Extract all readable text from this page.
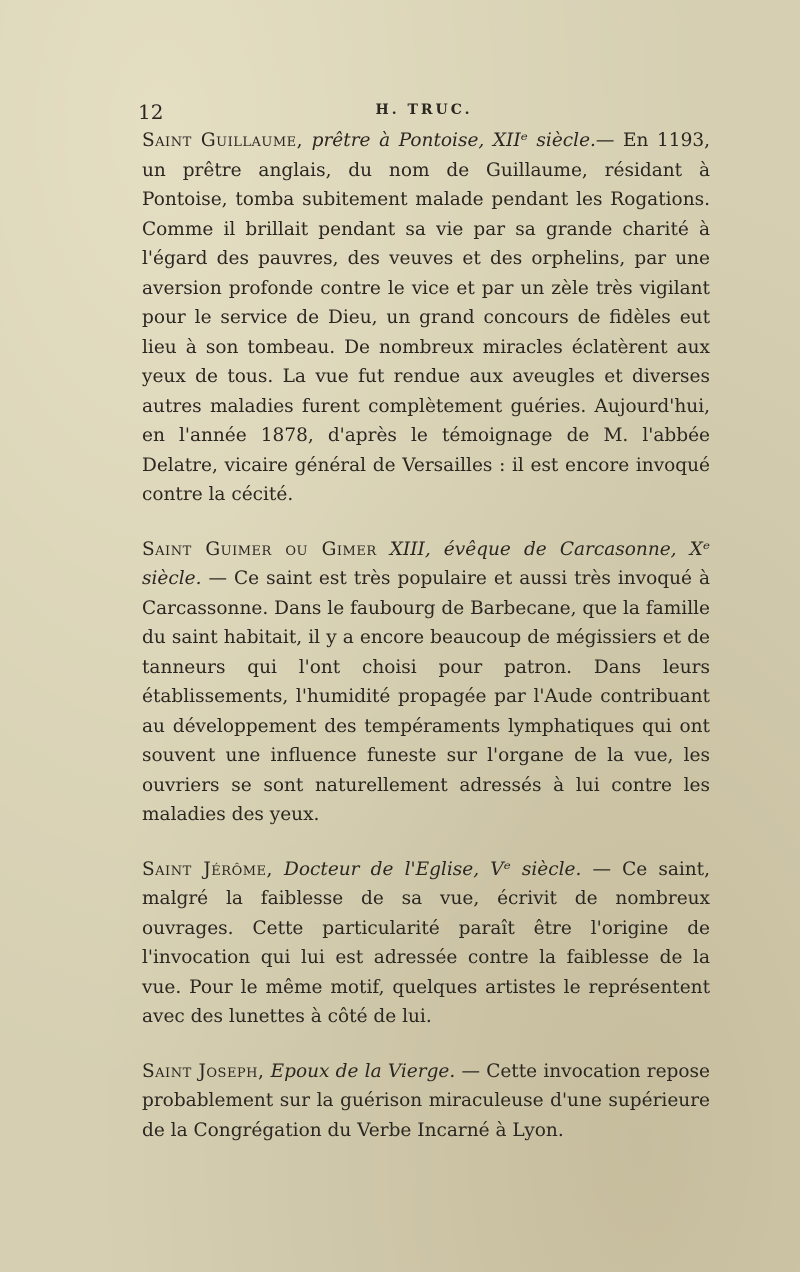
12	H. TRUC.

Saint Guillaume, prêtre à Pontoise, XIIᵉ siècle.— En 1193, un prêtre anglais, du nom de Guillaume, résidant à Pontoise, tomba subitement malade pendant les Rogations. Comme il brillait pendant sa vie par sa grande charité à l'égard des pauvres, des veuves et des orphelins, par une aversion profonde contre le vice et par un zèle très vigilant pour le service de Dieu, un grand concours de fidèles eut lieu à son tombeau. De nombreux miracles éclatèrent aux yeux de tous. La vue fut rendue aux aveugles et diverses autres maladies furent complètement guéries. Aujourd'hui, en l'année 1878, d'après le témoignage de M. l'abbée Delatre, vicaire général de Versailles : il est encore invoqué contre la cécité.

Saint Guimer ou Gimer XIII, évêque de Carcasonne, Xᵉ siècle. — Ce saint est très populaire et aussi très invoqué à Carcassonne. Dans le faubourg de Barbecane, que la famille du saint habitait, il y a encore beaucoup de mégissiers et de tanneurs qui l'ont choisi pour patron. Dans leurs établissements, l'humidité propagée par l'Aude contribuant au développement des tempéraments lymphatiques qui ont souvent une influence funeste sur l'organe de la vue, les ouvriers se sont naturellement adressés à lui contre les maladies des yeux.

Saint Jérôme, Docteur de l'Eglise, Vᵉ siècle. — Ce saint, malgré la faiblesse de sa vue, écrivit de nombreux ouvrages. Cette particularité paraît être l'origine de l'invocation qui lui est adressée contre la faiblesse de la vue. Pour le même motif, quelques artistes le représentent avec des lunettes à côté de lui.

Saint Joseph, Epoux de la Vierge. — Cette invocation repose probablement sur la guérison miraculeuse d'une supérieure de la Congrégation du Verbe Incarné à Lyon.
